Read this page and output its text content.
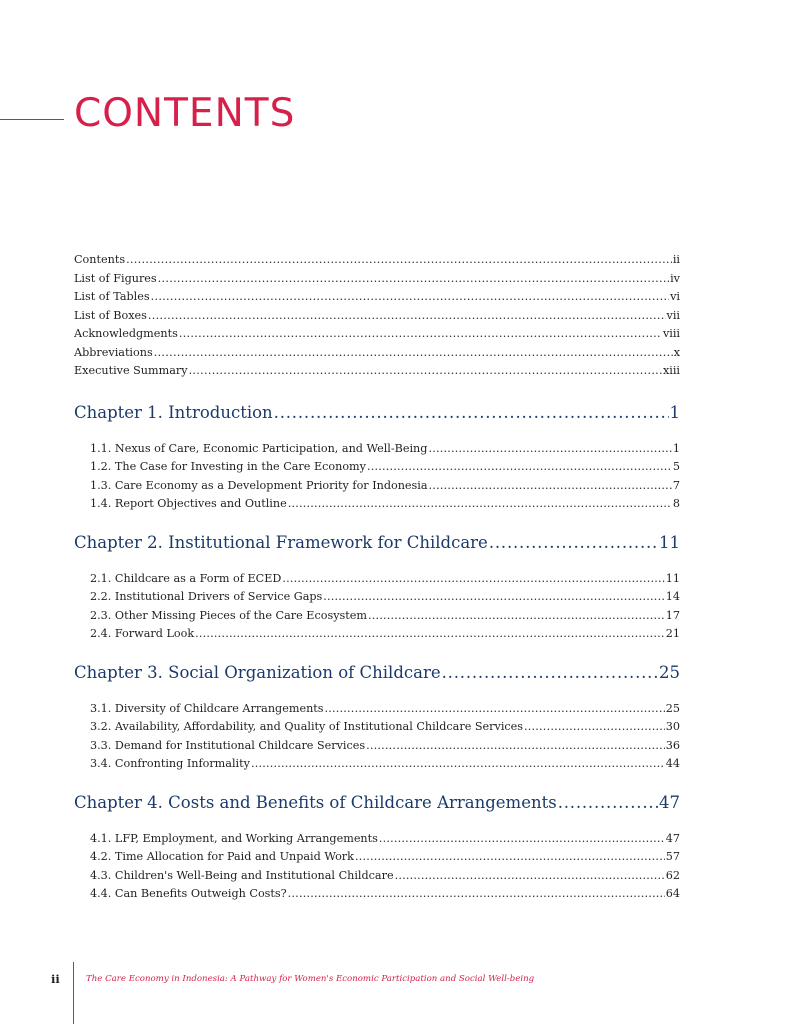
CONTENTS
Contents .....	ii
List of Figures .....	iv
List of Tables .....	vi
List of Boxes .....	vii
Acknowledgments .....	viii
Abbreviations .....	x
Executive Summary .....	xiii
Chapter 1. Introduction .....	1
1.1. Nexus of Care, Economic Participation, and Well-Being .....	1
1.2. The Case for Investing in the Care Economy .....	5
1.3. Care Economy as a Development Priority for Indonesia .....	7
1.4. Report Objectives and Outline .....	8
Chapter 2. Institutional Framework for Childcare .....	11
2.1. Childcare as a Form of ECED .....	11
2.2. Institutional Drivers of Service Gaps .....	14
2.3. Other Missing Pieces of the Care Ecosystem .....	17
2.4. Forward Look .....	21
Chapter 3. Social Organization of Childcare .....	25
3.1. Diversity of Childcare Arrangements .....	25
3.2. Availability, Affordability, and Quality of Institutional Childcare Services .....	30
3.3. Demand for Institutional Childcare Services .....	36
3.4. Confronting Informality .....	44
Chapter 4. Costs and Benefits of Childcare Arrangements .....	47
4.1. LFP, Employment, and Working Arrangements .....	47
4.2. Time Allocation for Paid and Unpaid Work .....	57
4.3. Children's Well-Being and Institutional Childcare .....	62
4.4. Can Benefits Outweigh Costs? .....	64
ii	The Care Economy in Indonesia: A Pathway for Women's Economic Participation and Social Well-being
